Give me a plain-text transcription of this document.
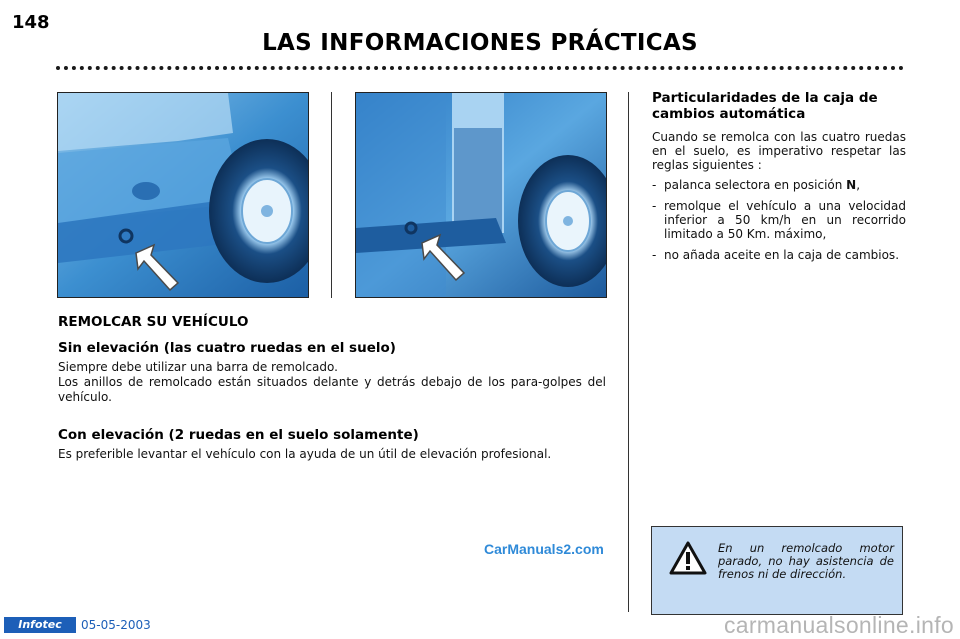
148
LAS INFORMACIONES PRÁCTICAS
REMOLCAR SU VEHÍCULO
Sin elevación (las cuatro ruedas en el suelo)

Siempre debe utilizar una barra de remolcado.

Los anillos de remolcado están situados delante y detrás debajo de los para-golpes del vehículo.

Con elevación (2 ruedas en el suelo solamente)

Es preferible levantar el vehículo con la ayuda de un útil de elevación profesional.

Particularidades de la caja de cambios automática

Cuando se remolca con las cuatro ruedas en el suelo, es imperativo respetar las reglas siguientes :

- palanca selectora en posición N,
- remolque el vehículo a una velocidad inferior a 50 km/h en un recorrido limitado a 50 Km. máximo,
- no añada aceite en la caja de cambios.
En un remolcado motor parado, no hay asistencia de frenos ni de dirección.
CarManuals2.com
Infotec	05-05-2003	carmanualsonline.info
